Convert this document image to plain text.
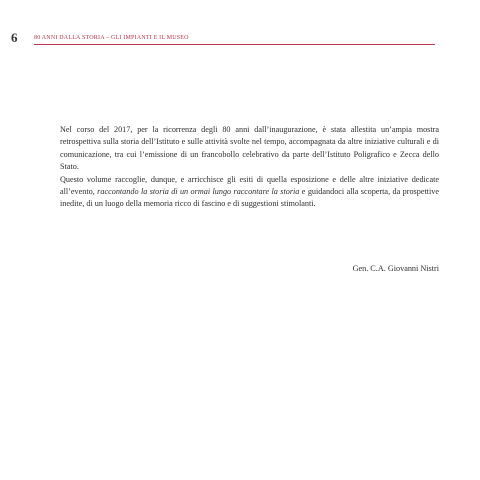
6	80 ANNI DALLA STORIA – GLI IMPIANTI E IL MUSEO

Nel corso del 2017, per la ricorrenza degli 80 anni dall’inaugurazione, è stata allestita un’ampia mostra retrospettiva sulla storia dell’Istituto e sulle attività svolte nel tempo, accompagnata da altre iniziative culturali e di comunicazione, tra cui l’emissione di un francobollo celebrativo da parte dell’Istituto Poligrafico e Zecca dello Stato.

Questo volume raccoglie, dunque, e arricchisce gli esiti di quella esposizione e delle altre iniziative dedicate all’evento, raccontando la storia di un ormai lungo raccontare la storia e guidandoci alla scoperta, da prospettive inedite, di un luogo della memoria ricco di fascino e di suggestioni stimolanti.

Gen. C.A. Giovanni Nistri
